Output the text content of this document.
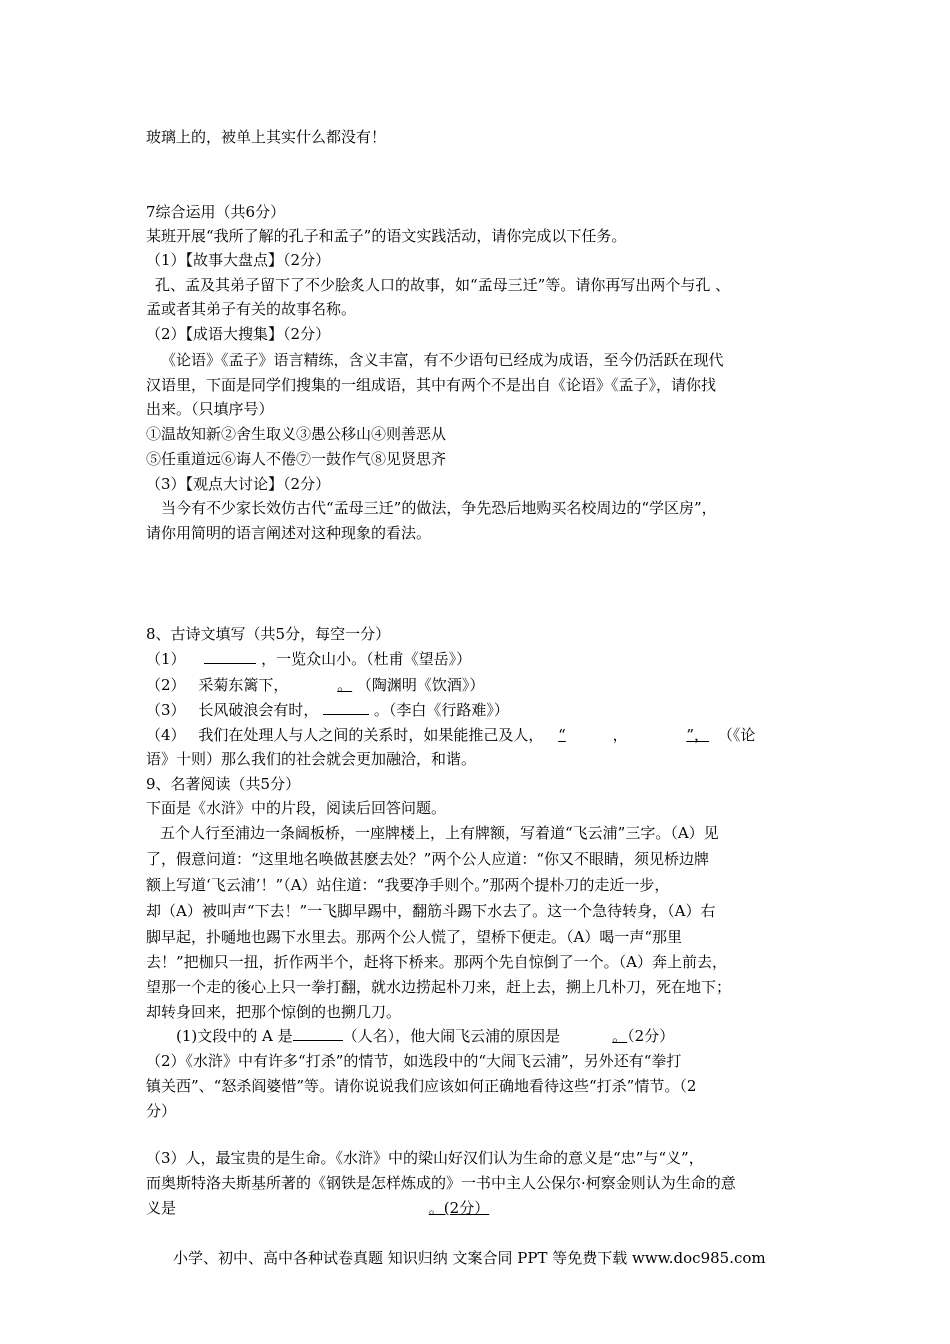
玻璃上的，被单上其实什么都没有！
7综合运用（共6分）
某班开展“我所了解的孔子和孟子”的语文实践活动，请你完成以下任务。
（1）【故事大盘点】（2分）
孔、孟及其弟子留下了不少脍炙人口的故事，如“孟母三迁”等。请你再写出两个与孔 、
孟或者其弟子有关的故事名称。
（2）【成语大搜集】（2分）
《论语》《孟子》语言精练，含义丰富，有不少语句已经成为成语，至今仍活跃在现代
汉语里，下面是同学们搜集的一组成语，其中有两个不是出自《论语》《孟子》，请你找
出来。（只填序号）
①温故知新②舍生取义③愚公移山④则善恶从
⑤任重道远⑥诲人不倦⑦一鼓作气⑧见贤思齐
（3）【观点大讨论】（2分）
当今有不少家长效仿古代“孟母三迁”的做法，争先恐后地购买名校周边的“学区房”，
请你用简明的语言阐述对这种现象的看法。
8、古诗文填写（共5分，每空一分）
（1）	，一览众山小。（杜甫《望岳》）
（2） 采菊东篱下，	。 （陶渊明《饮酒》）
（3） 长风破浪会有时，	。（李白《行路难》）
（4） 我们在处理人与人之间的关系时，如果能推己及人， “	，	”， （《论
语》十则）那么我们的社会就会更加融洽，和谐。
9、名著阅读（共5分）
下面是《水浒》中的片段，阅读后回答问题。
五个人行至浦边一条阔板桥，一座牌楼上，上有牌额，写着道“飞云浦”三字。（A）见
了，假意问道：“这里地名唤做甚麽去处？”两个公人应道：“你又不眼睛，须见桥边牌
额上写道‘飞云浦’！”（A）站住道：“我要净手则个。”那两个提朴刀的走近一步，
却（A）被叫声“下去！”一飞脚早踢中，翻筋斗踢下水去了。这一个急待转身，（A）右
脚早起，扑嗵地也踢下水里去。那两个公人慌了，望桥下便走。（A）喝一声“那里
去！”把枷只一扭，折作两半个，赶将下桥来。那两个先自惊倒了一个。（A）奔上前去，
望那一个走的後心上只一拳打翻，就水边捞起朴刀来，赶上去，搠上几朴刀，死在地下；
却转身回来，把那个惊倒的也搠几刀。
(1)文段中的 A 是	（人名），他大闹飞云浦的原因是	。（2分）
（2）《水浒》中有许多“打杀”的情节，如选段中的“大闹飞云浦”，另外还有“拳打
镇关西”、“怒杀阎婆惜”等。请你说说我们应该如何正确地看待这些“打杀”情节。（2
分）
（3）人，最宝贵的是生命。《水浒》中的梁山好汉们认为生命的意义是“忠”与“义”，
而奥斯特洛夫斯基所著的《钢铁是怎样炼成的》一书中主人公保尔·柯察金则认为生命的意
义是	。(2分）
小学、初中、高中各种试卷真题 知识归纳 文案合同 PPT 等免费下载 www.doc985.com
